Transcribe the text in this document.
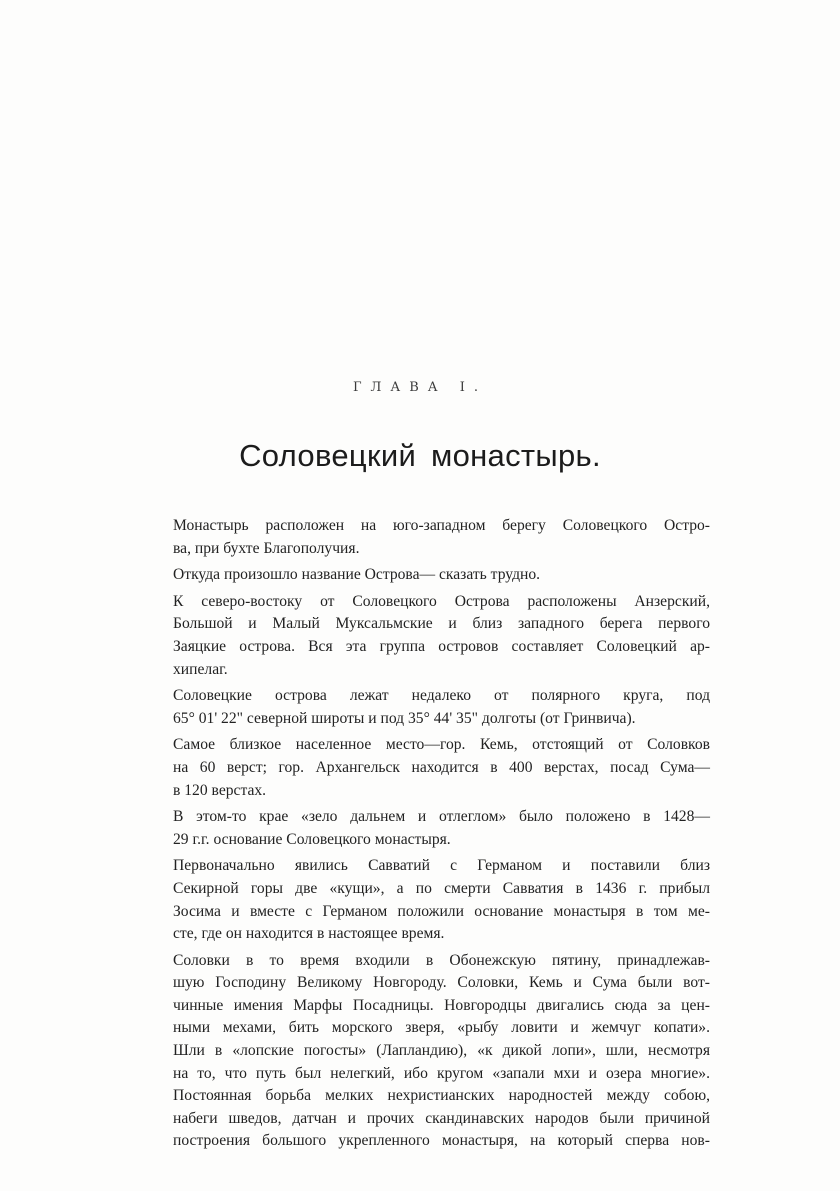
ГЛАВА I.
Соловецкий монастырь.

Монастырь расположен на юго-западном берегу Соловецкого Остро-
ва, при бухте Благополучия.

Откуда произошло название Острова— сказать трудно.

К северо-востоку от Соловецкого Острова расположены Анзерский,
Большой и Малый Муксальмские и близ западного берега первого
Заяцкие острова. Вся эта группа островов составляет Соловецкий ар-
хипелаг.

Соловецкие острова лежат недалеко от полярного круга, под
65° 01' 22" северной широты и под 35° 44' 35" долготы (от Гринвича).

Самое близкое населенное место—гор. Кемь, отстоящий от Соловков
на 60 верст; гор. Архангельск находится в 400 верстах, посад Сума—
в 120 верстах.

В этом-то крае «зело дальнем и отлеглом» было положено в 1428—
29 г.г. основание Соловецкого монастыря.

Первоначально явились Савватий с Германом и поставили близ
Секирной горы две «кущи», а по смерти Савватия в 1436 г. прибыл
Зосима и вместе с Германом положили основание монастыря в том ме-
сте, где он находится в настоящее время.

Соловки в то время входили в Обонежскую пятину, принадлежав-
шую Господину Великому Новгороду. Соловки, Кемь и Сума были вот-
чинные имения Марфы Посадницы. Новгородцы двигались сюда за цен-
ными мехами, бить морского зверя, «рыбу ловити и жемчуг копати».
Шли в «лопские погосты» (Лапландию), «к дикой лопи», шли, несмотря
на то, что путь был нелегкий, ибо кругом «запали мхи и озера многие».
Постоянная борьба мелких нехристианских народностей между собою,
набеги шведов, датчан и прочих скандинавских народов были причиной
построения большого укрепленного монастыря, на который сперва нов-
